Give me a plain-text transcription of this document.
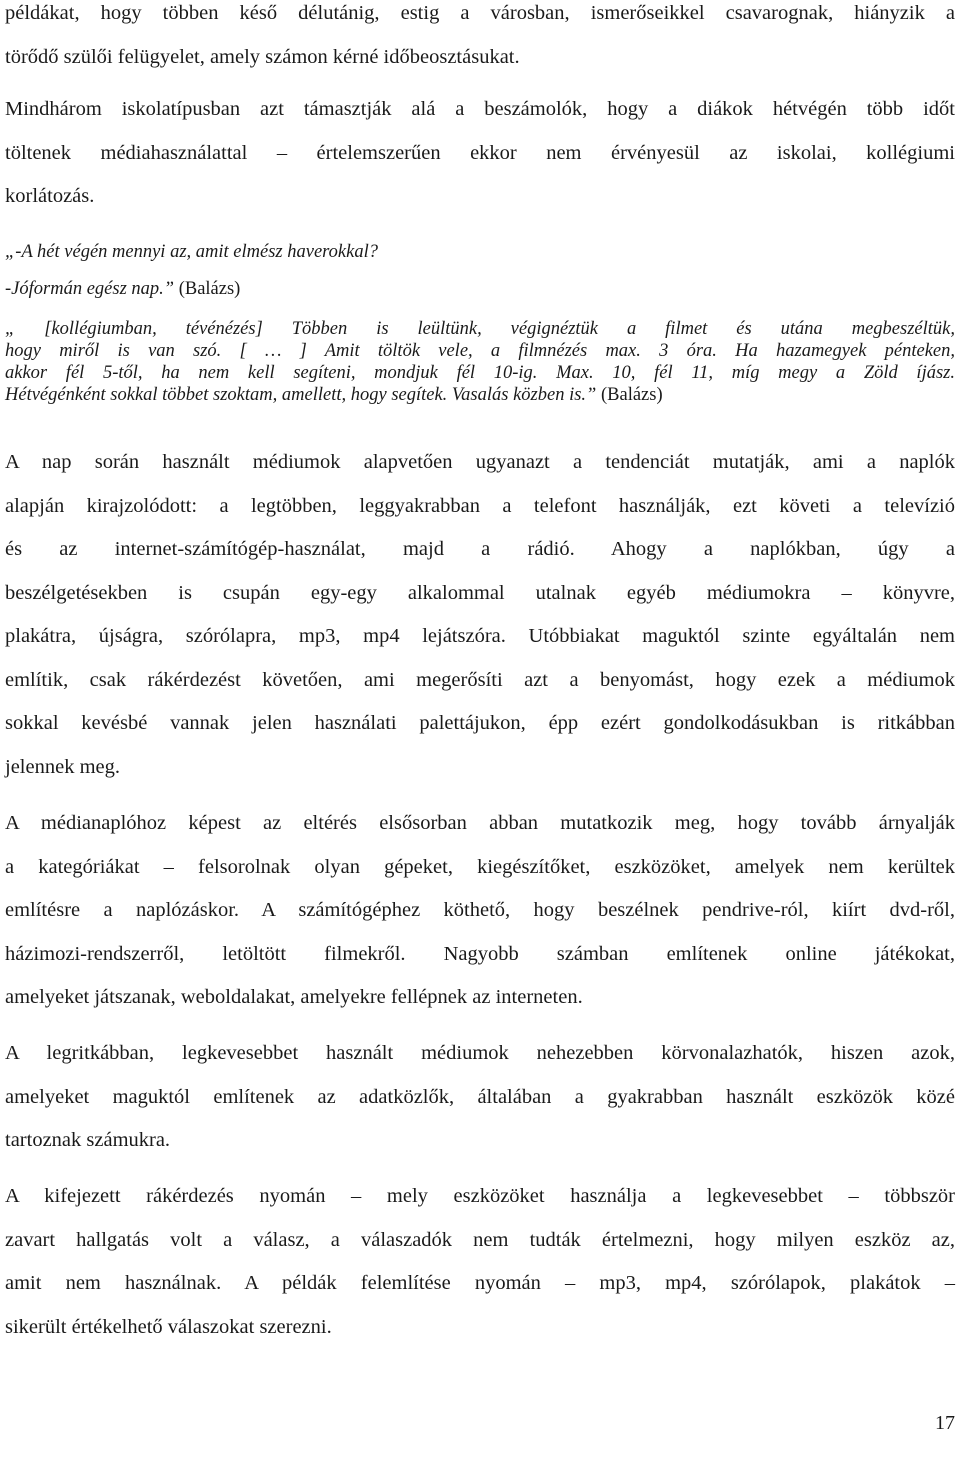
példákat, hogy többen késő délutánig, estig a városban, ismerőseikkel csavarognak, hiányzik a
törődő szülői felügyelet, amely számon kérné időbeosztásukat.

Mindhárom iskolatípusban azt támasztják alá a beszámolók, hogy a diákok hétvégén több időt
töltenek médiahasználattal – értelemszerűen ekkor nem érvényesül az iskolai, kollégiumi
korlátozás.

„-A hét végén mennyi az, amit elmész haverokkal?
-Jóformán egész nap.” (Balázs)
„ [kollégiumban, tévénézés] Többen is leültünk, végignéztük a filmet és utána megbeszéltük,
hogy miről is van szó. [ … ] Amit töltök vele, a filmnézés max. 3 óra. Ha hazamegyek pénteken,
akkor fél 5-től, ha nem kell segíteni, mondjuk fél 10-ig. Max. 10, fél 11, míg megy a Zöld íjász.
Hétvégénként sokkal többet szoktam, amellett, hogy segítek. Vasalás közben is.” (Balázs)

A nap során használt médiumok alapvetően ugyanazt a tendenciát mutatják, ami a naplók
alapján kirajzolódott: a legtöbben, leggyakrabban a telefont használják, ezt követi a televízió
és az internet-számítógép-használat, majd a rádió. Ahogy a naplókban, úgy a
beszélgetésekben is csupán egy-egy alkalommal utalnak egyéb médiumokra – könyvre,
plakátra, újságra, szórólapra, mp3, mp4 lejátszóra. Utóbbiakat maguktól szinte egyáltalán nem
említik, csak rákérdezést követően, ami megerősíti azt a benyomást, hogy ezek a médiumok
sokkal kevésbé vannak jelen használati palettájukon, épp ezért gondolkodásukban is ritkábban
jelennek meg.

A médianaplóhoz képest az eltérés elsősorban abban mutatkozik meg, hogy tovább árnyalják
a kategóriákat – felsorolnak olyan gépeket, kiegészítőket, eszközöket, amelyek nem kerültek
említésre a naplózáskor. A számítógéphez köthető, hogy beszélnek pendrive-ról, kiírt dvd-ről,
házimozi-rendszerről, letöltött filmekről. Nagyobb számban említenek online játékokat,
amelyeket játszanak, weboldalakat, amelyekre fellépnek az interneten.

A legritkábban, legkevesebbet használt médiumok nehezebben körvonalazhatók, hiszen azok,
amelyeket maguktól említenek az adatközlők, általában a gyakrabban használt eszközök közé
tartoznak számukra.

A kifejezett rákérdezés nyomán – mely eszközöket használja a legkevesebbet – többször
zavart hallgatás volt a válasz, a válaszadók nem tudták értelmezni, hogy milyen eszköz az,
amit nem használnak. A példák felemlítése nyomán – mp3, mp4, szórólapok, plakátok –
sikerült értékelhető válaszokat szerezni.

17
